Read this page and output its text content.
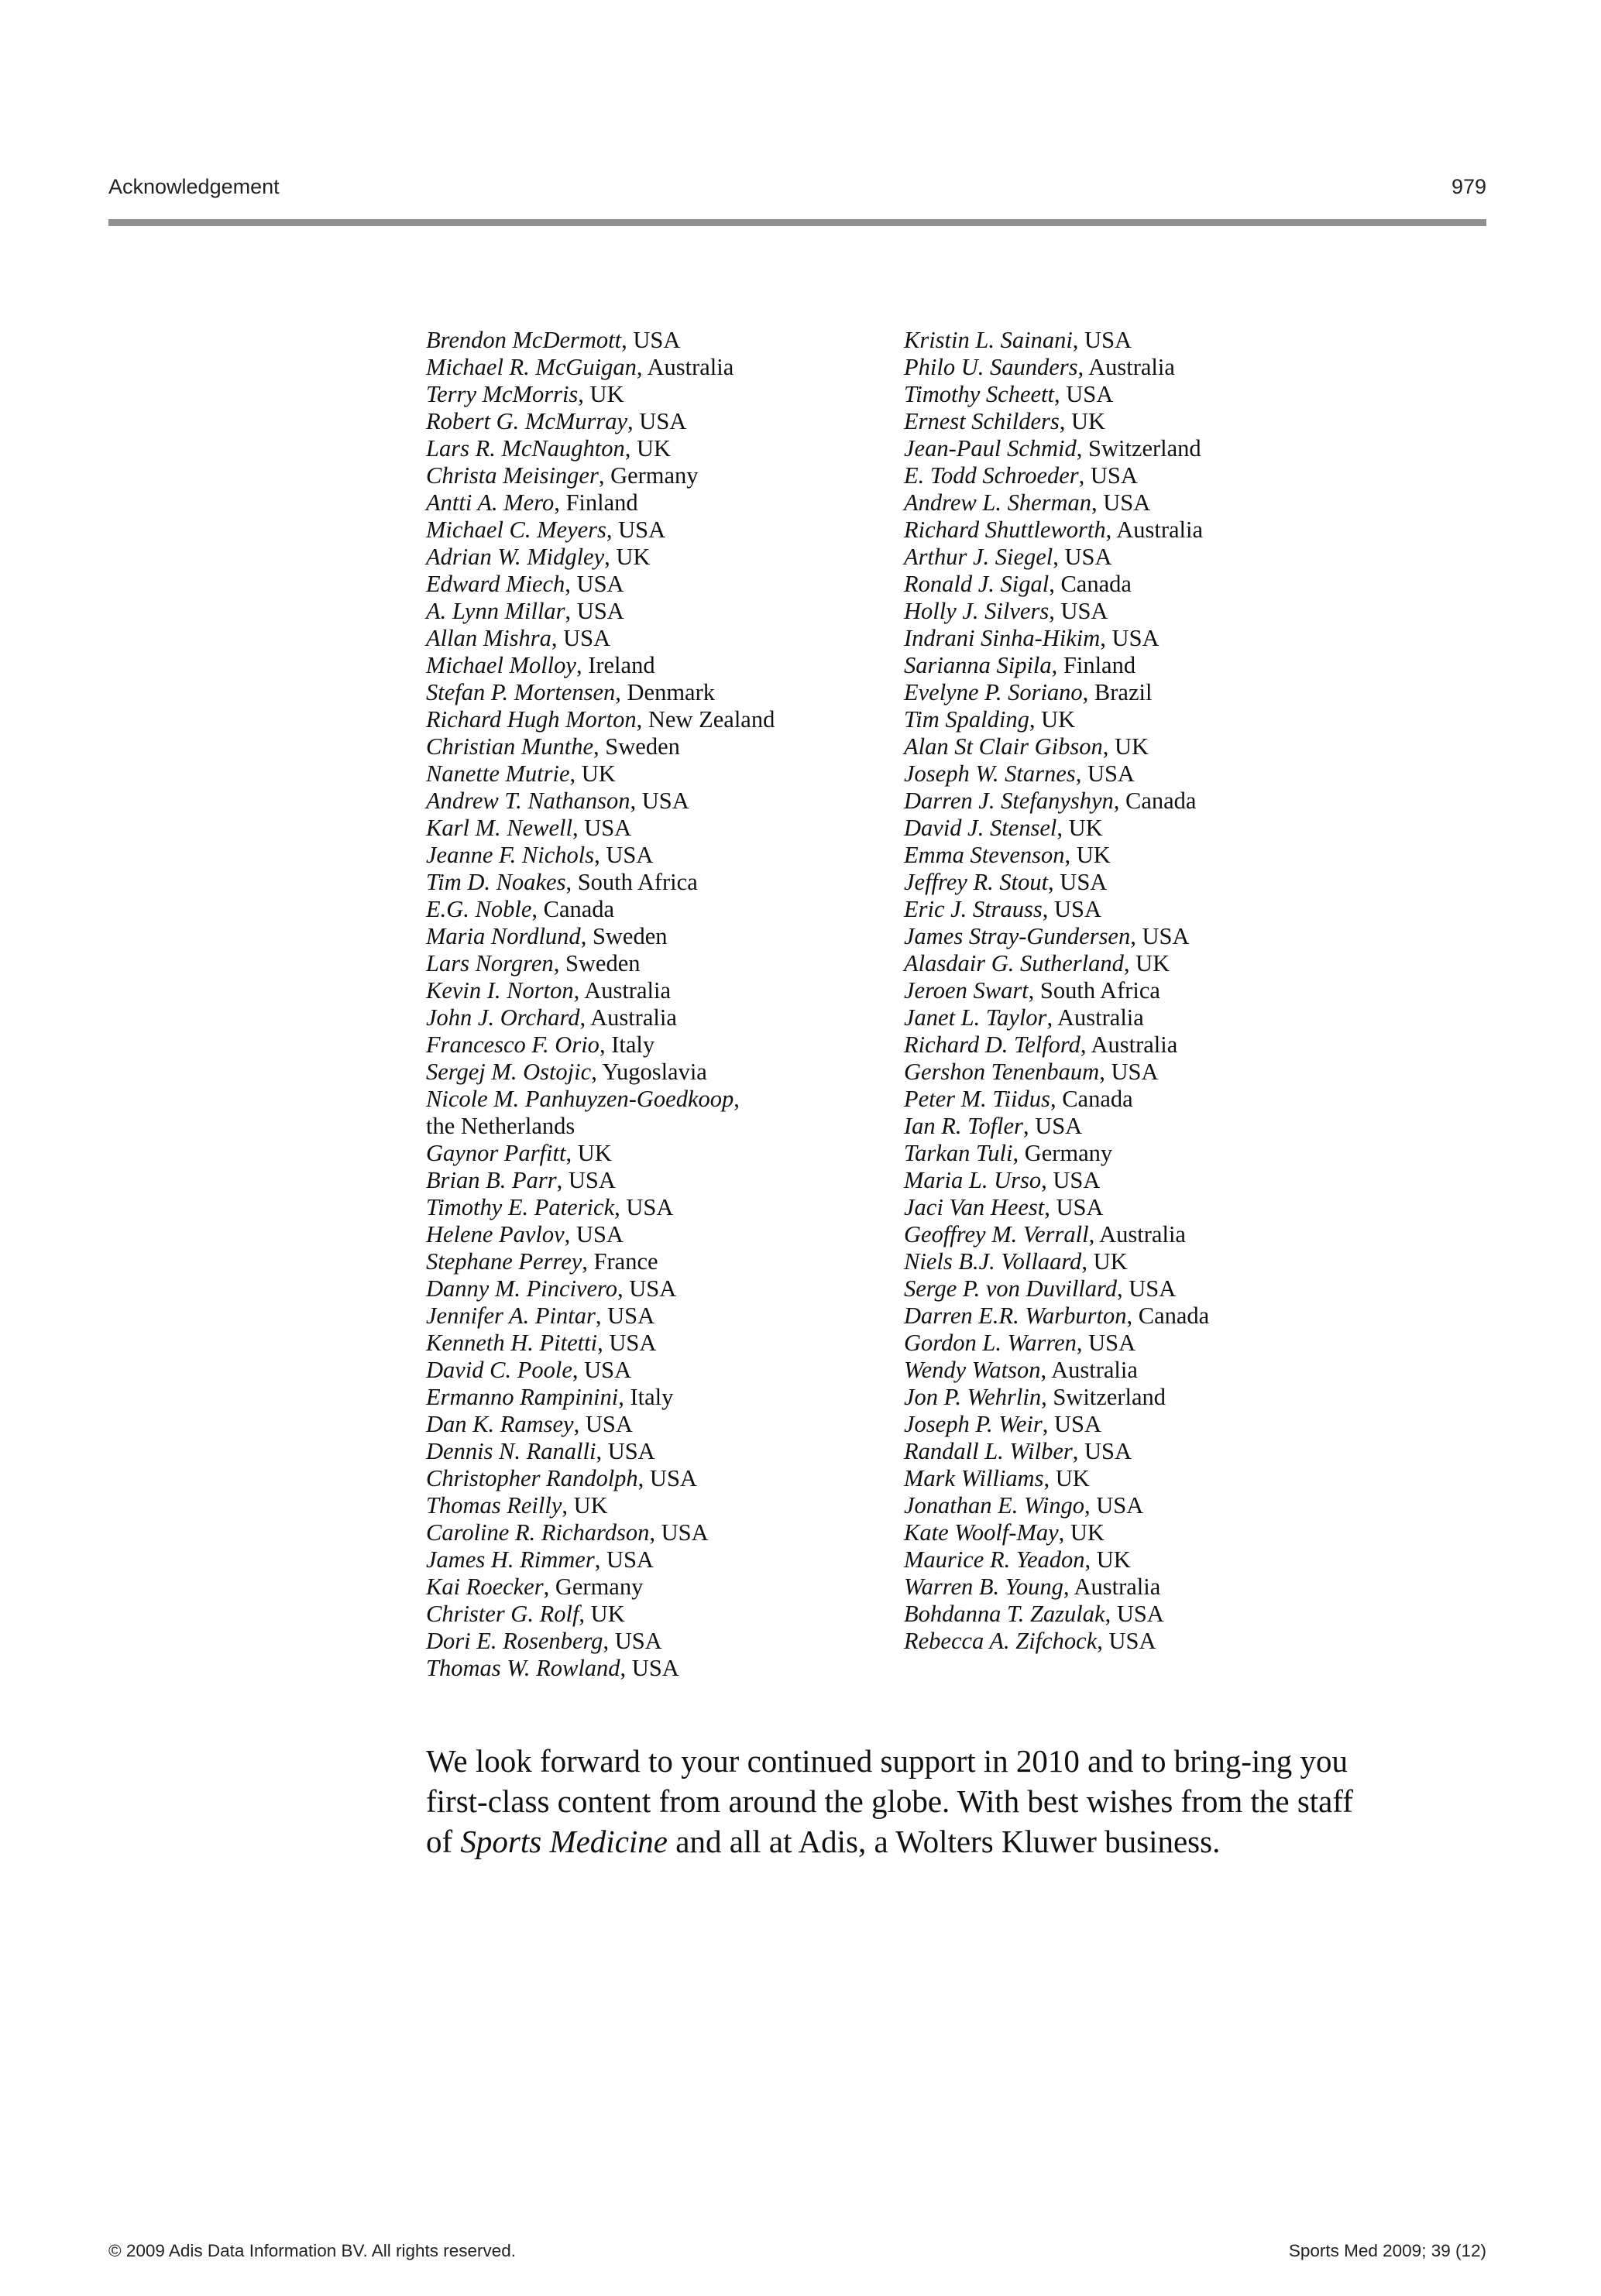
Acknowledgement	979
Brendon McDermott, USA
Michael R. McGuigan, Australia
Terry McMorris, UK
Robert G. McMurray, USA
Lars R. McNaughton, UK
Christa Meisinger, Germany
Antti A. Mero, Finland
Michael C. Meyers, USA
Adrian W. Midgley, UK
Edward Miech, USA
A. Lynn Millar, USA
Allan Mishra, USA
Michael Molloy, Ireland
Stefan P. Mortensen, Denmark
Richard Hugh Morton, New Zealand
Christian Munthe, Sweden
Nanette Mutrie, UK
Andrew T. Nathanson, USA
Karl M. Newell, USA
Jeanne F. Nichols, USA
Tim D. Noakes, South Africa
E.G. Noble, Canada
Maria Nordlund, Sweden
Lars Norgren, Sweden
Kevin I. Norton, Australia
John J. Orchard, Australia
Francesco F. Orio, Italy
Sergej M. Ostojic, Yugoslavia
Nicole M. Panhuyzen-Goedkoop,
the Netherlands
Gaynor Parfitt, UK
Brian B. Parr, USA
Timothy E. Paterick, USA
Helene Pavlov, USA
Stephane Perrey, France
Danny M. Pincivero, USA
Jennifer A. Pintar, USA
Kenneth H. Pitetti, USA
David C. Poole, USA
Ermanno Rampinini, Italy
Dan K. Ramsey, USA
Dennis N. Ranalli, USA
Christopher Randolph, USA
Thomas Reilly, UK
Caroline R. Richardson, USA
James H. Rimmer, USA
Kai Roecker, Germany
Christer G. Rolf, UK
Dori E. Rosenberg, USA
Thomas W. Rowland, USA
Kristin L. Sainani, USA
Philo U. Saunders, Australia
Timothy Scheett, USA
Ernest Schilders, UK
Jean-Paul Schmid, Switzerland
E. Todd Schroeder, USA
Andrew L. Sherman, USA
Richard Shuttleworth, Australia
Arthur J. Siegel, USA
Ronald J. Sigal, Canada
Holly J. Silvers, USA
Indrani Sinha-Hikim, USA
Sarianna Sipila, Finland
Evelyne P. Soriano, Brazil
Tim Spalding, UK
Alan St Clair Gibson, UK
Joseph W. Starnes, USA
Darren J. Stefanyshyn, Canada
David J. Stensel, UK
Emma Stevenson, UK
Jeffrey R. Stout, USA
Eric J. Strauss, USA
James Stray-Gundersen, USA
Alasdair G. Sutherland, UK
Jeroen Swart, South Africa
Janet L. Taylor, Australia
Richard D. Telford, Australia
Gershon Tenenbaum, USA
Peter M. Tiidus, Canada
Ian R. Tofler, USA
Tarkan Tuli, Germany
Maria L. Urso, USA
Jaci Van Heest, USA
Geoffrey M. Verrall, Australia
Niels B.J. Vollaard, UK
Serge P. von Duvillard, USA
Darren E.R. Warburton, Canada
Gordon L. Warren, USA
Wendy Watson, Australia
Jon P. Wehrlin, Switzerland
Joseph P. Weir, USA
Randall L. Wilber, USA
Mark Williams, UK
Jonathan E. Wingo, USA
Kate Woolf-May, UK
Maurice R. Yeadon, UK
Warren B. Young, Australia
Bohdanna T. Zazulak, USA
Rebecca A. Zifchock, USA

We look forward to your continued support in 2010 and to bring-ing you first-class content from around the globe. With best wishes from the staff of Sports Medicine and all at Adis, a Wolters Kluwer business.

© 2009 Adis Data Information BV. All rights reserved.	Sports Med 2009; 39 (12)
